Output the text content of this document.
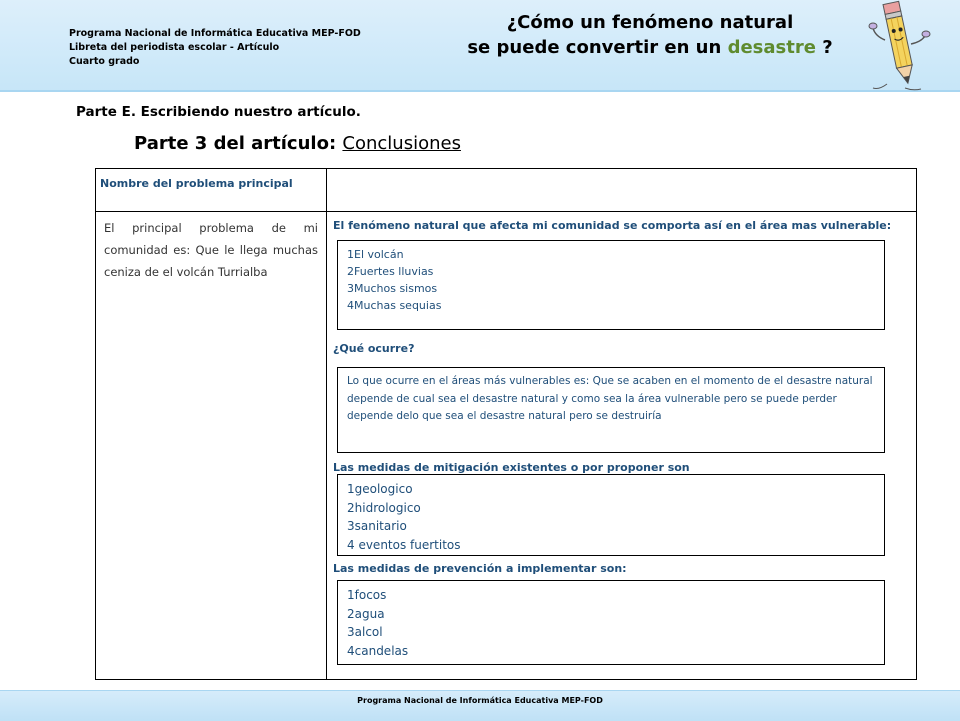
Programa Nacional de Informática Educativa MEP-FOD
Libreta del periodista escolar - Artículo
Cuarto grado
¿Cómo un fenómeno natural
se puede convertir en un desastre ?
Parte E. Escribiendo nuestro artículo.
Parte 3 del artículo: Conclusiones
Nombre del problema principal
El principal problema de mi comunidad es: Que le llega muchas ceniza de el volcán Turrialba
El fenómeno natural que afecta mi comunidad se comporta así en el área mas vulnerable:
1El volcán
2Fuertes lluvias
3Muchos sismos
4Muchas sequias
¿Qué ocurre?
Lo que ocurre en el áreas más vulnerables es: Que se acaben en el momento de el desastre natural depende de cual sea el desastre natural y como sea la área vulnerable pero se puede perder depende delo que sea el desastre natural pero se destruiría
Las medidas de mitigación existentes o por proponer son
1geologico
2hidrologico
3sanitario
4 eventos fuertitos
Las medidas de prevención a implementar son:
1focos
2agua
3alcol
4candelas
Programa Nacional de Informática Educativa MEP-FOD
